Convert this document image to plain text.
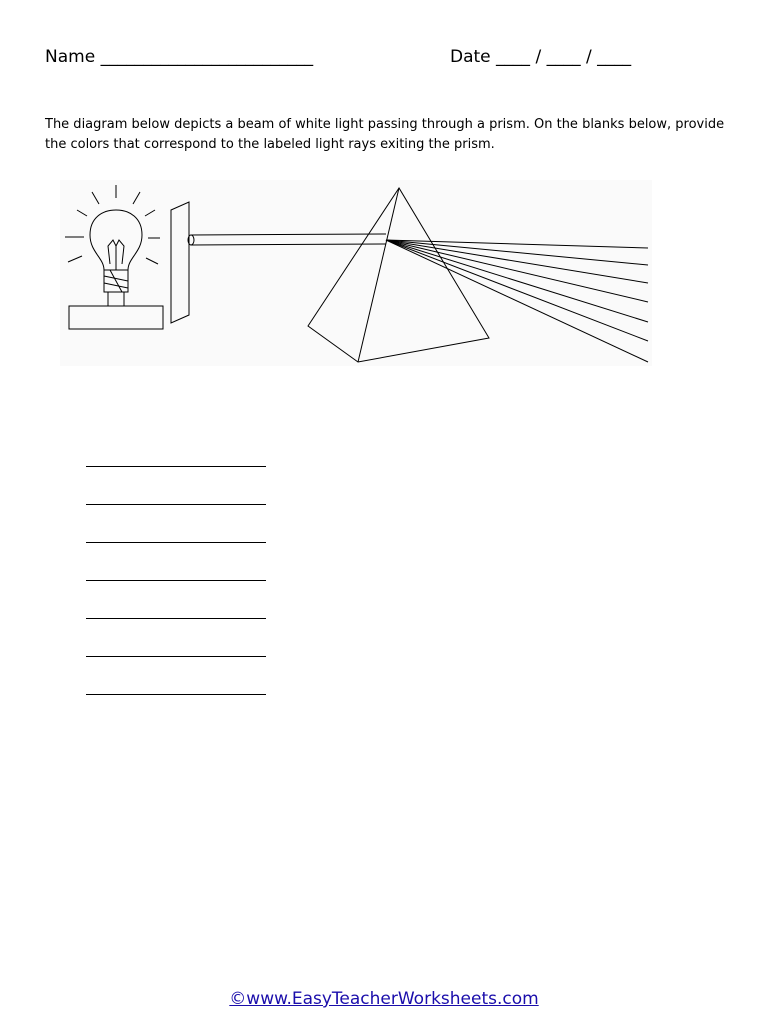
Name _________________________	Date ____ / ____ / ____
The diagram below depicts a beam of white light passing through a prism. On the blanks below, provide the colors that correspond to the labeled light rays exiting the prism.
©www.EasyTeacherWorksheets.com
